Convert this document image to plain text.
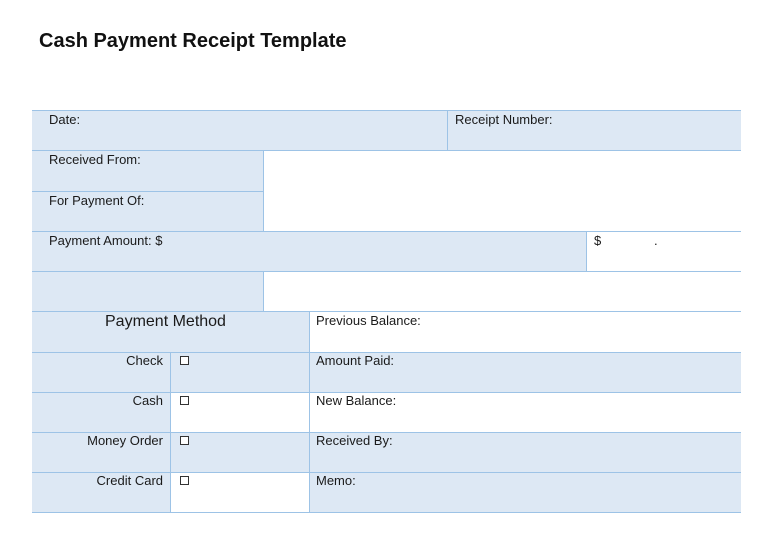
Cash Payment Receipt Template
Date:	Receipt Number:
Received From:
For Payment Of:
Payment Amount: $	$	.
Payment Method	Previous Balance:
Check	Amount Paid:
Cash	New Balance:
Money Order	Received By:
Credit Card	Memo:
